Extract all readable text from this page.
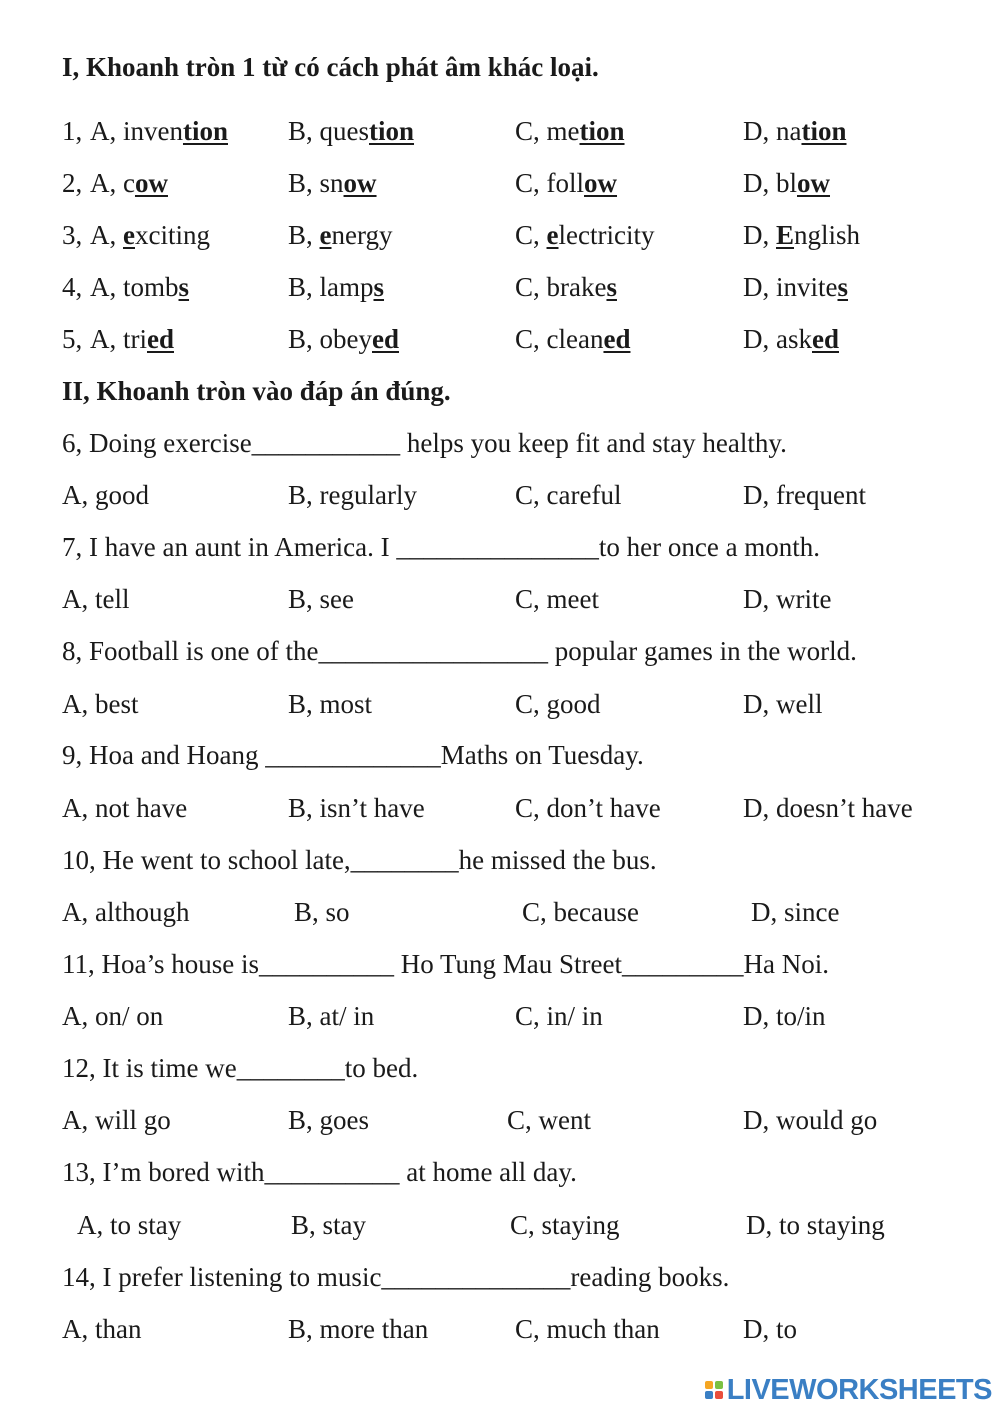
I, Khoanh tròn 1 từ có cách phát âm khác loại.
1, A, invention B, question	C, metion	D, nation
2, A, cow	B, snow	C, follow	D, blow
3, A, exciting	B, energy	C, electricity	D, English
4, A, tombs	B, lamps	C, brakes	D, invites
5, A, tried	B, obeyed	C, cleaned	D, asked
II, Khoanh tròn vào đáp án đúng.
6, Doing exercise___________ helps you keep fit and stay healthy.
A, good	B, regularly	C, careful	D, frequent
7, I have an aunt in America. I _______________to her once a month.
A, tell	B, see	C, meet	D, write
8, Football is one of the_________________ popular games in the world.
A, best	B, most	C, good	D, well
9, Hoa and Hoang _____________Maths on Tuesday.
A, not have	B, isn’t have	C, don’t have	D, doesn’t have
10, He went to school late,________he missed the bus.
A, although	B, so	C, because	D, since
11, Hoa’s house is__________ Ho Tung Mau Street_________Ha Noi.
A, on/ on	B, at/ in	C, in/ in	D, to/in
12, It is time we________to bed.
A, will go	B, goes	C, went	D, would go
13, I’m bored with__________ at home all day.
A, to stay	B, stay	C, staying	D, to staying
14, I prefer listening to music______________reading books.
A, than	B, more than	C, much than	D, to
LIVEWORKSHEETS
